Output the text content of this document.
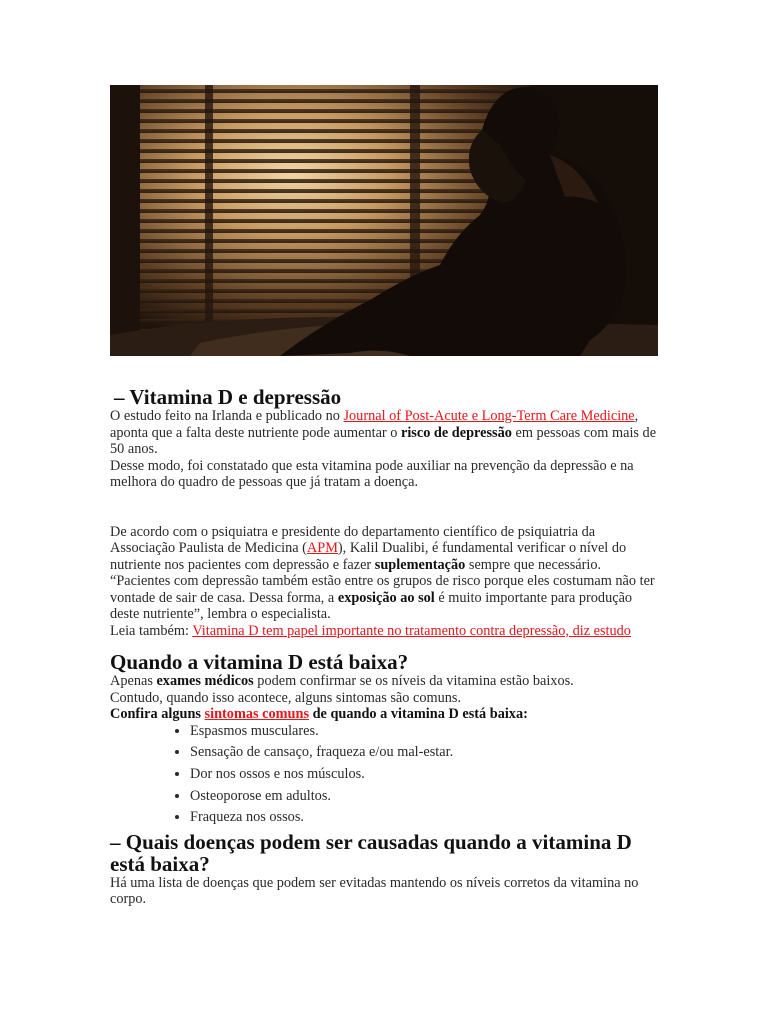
– Vitamina D e depressão

O estudo feito na Irlanda e publicado no Journal of Post-Acute e Long-Term Care Medicine, aponta que a falta deste nutriente pode aumentar o risco de depressão em pessoas com mais de 50 anos.

Desse modo, foi constatado que esta vitamina pode auxiliar na prevenção da depressão e na melhora do quadro de pessoas que já tratam a doença.

De acordo com o psiquiatra e presidente do departamento científico de psiquiatria da Associação Paulista de Medicina (APM), Kalil Dualibi, é fundamental verificar o nível do nutriente nos pacientes com depressão e fazer suplementação sempre que necessário.

“Pacientes com depressão também estão entre os grupos de risco porque eles costumam não ter vontade de sair de casa. Dessa forma, a exposição ao sol é muito importante para produção deste nutriente”, lembra o especialista.

Leia também: Vitamina D tem papel importante no tratamento contra depressão, diz estudo

Quando a vitamina D está baixa?

Apenas exames médicos podem confirmar se os níveis da vitamina estão baixos.

Contudo, quando isso acontece, alguns sintomas são comuns.

Confira alguns sintomas comuns de quando a vitamina D está baixa:

• Espasmos musculares.
• Sensação de cansaço, fraqueza e/ou mal-estar.
• Dor nos ossos e nos músculos.
• Osteoporose em adultos.
• Fraqueza nos ossos.
– Quais doenças podem ser causadas quando a vitamina D está baixa?

Há uma lista de doenças que podem ser evitadas mantendo os níveis corretos da vitamina no corpo.
